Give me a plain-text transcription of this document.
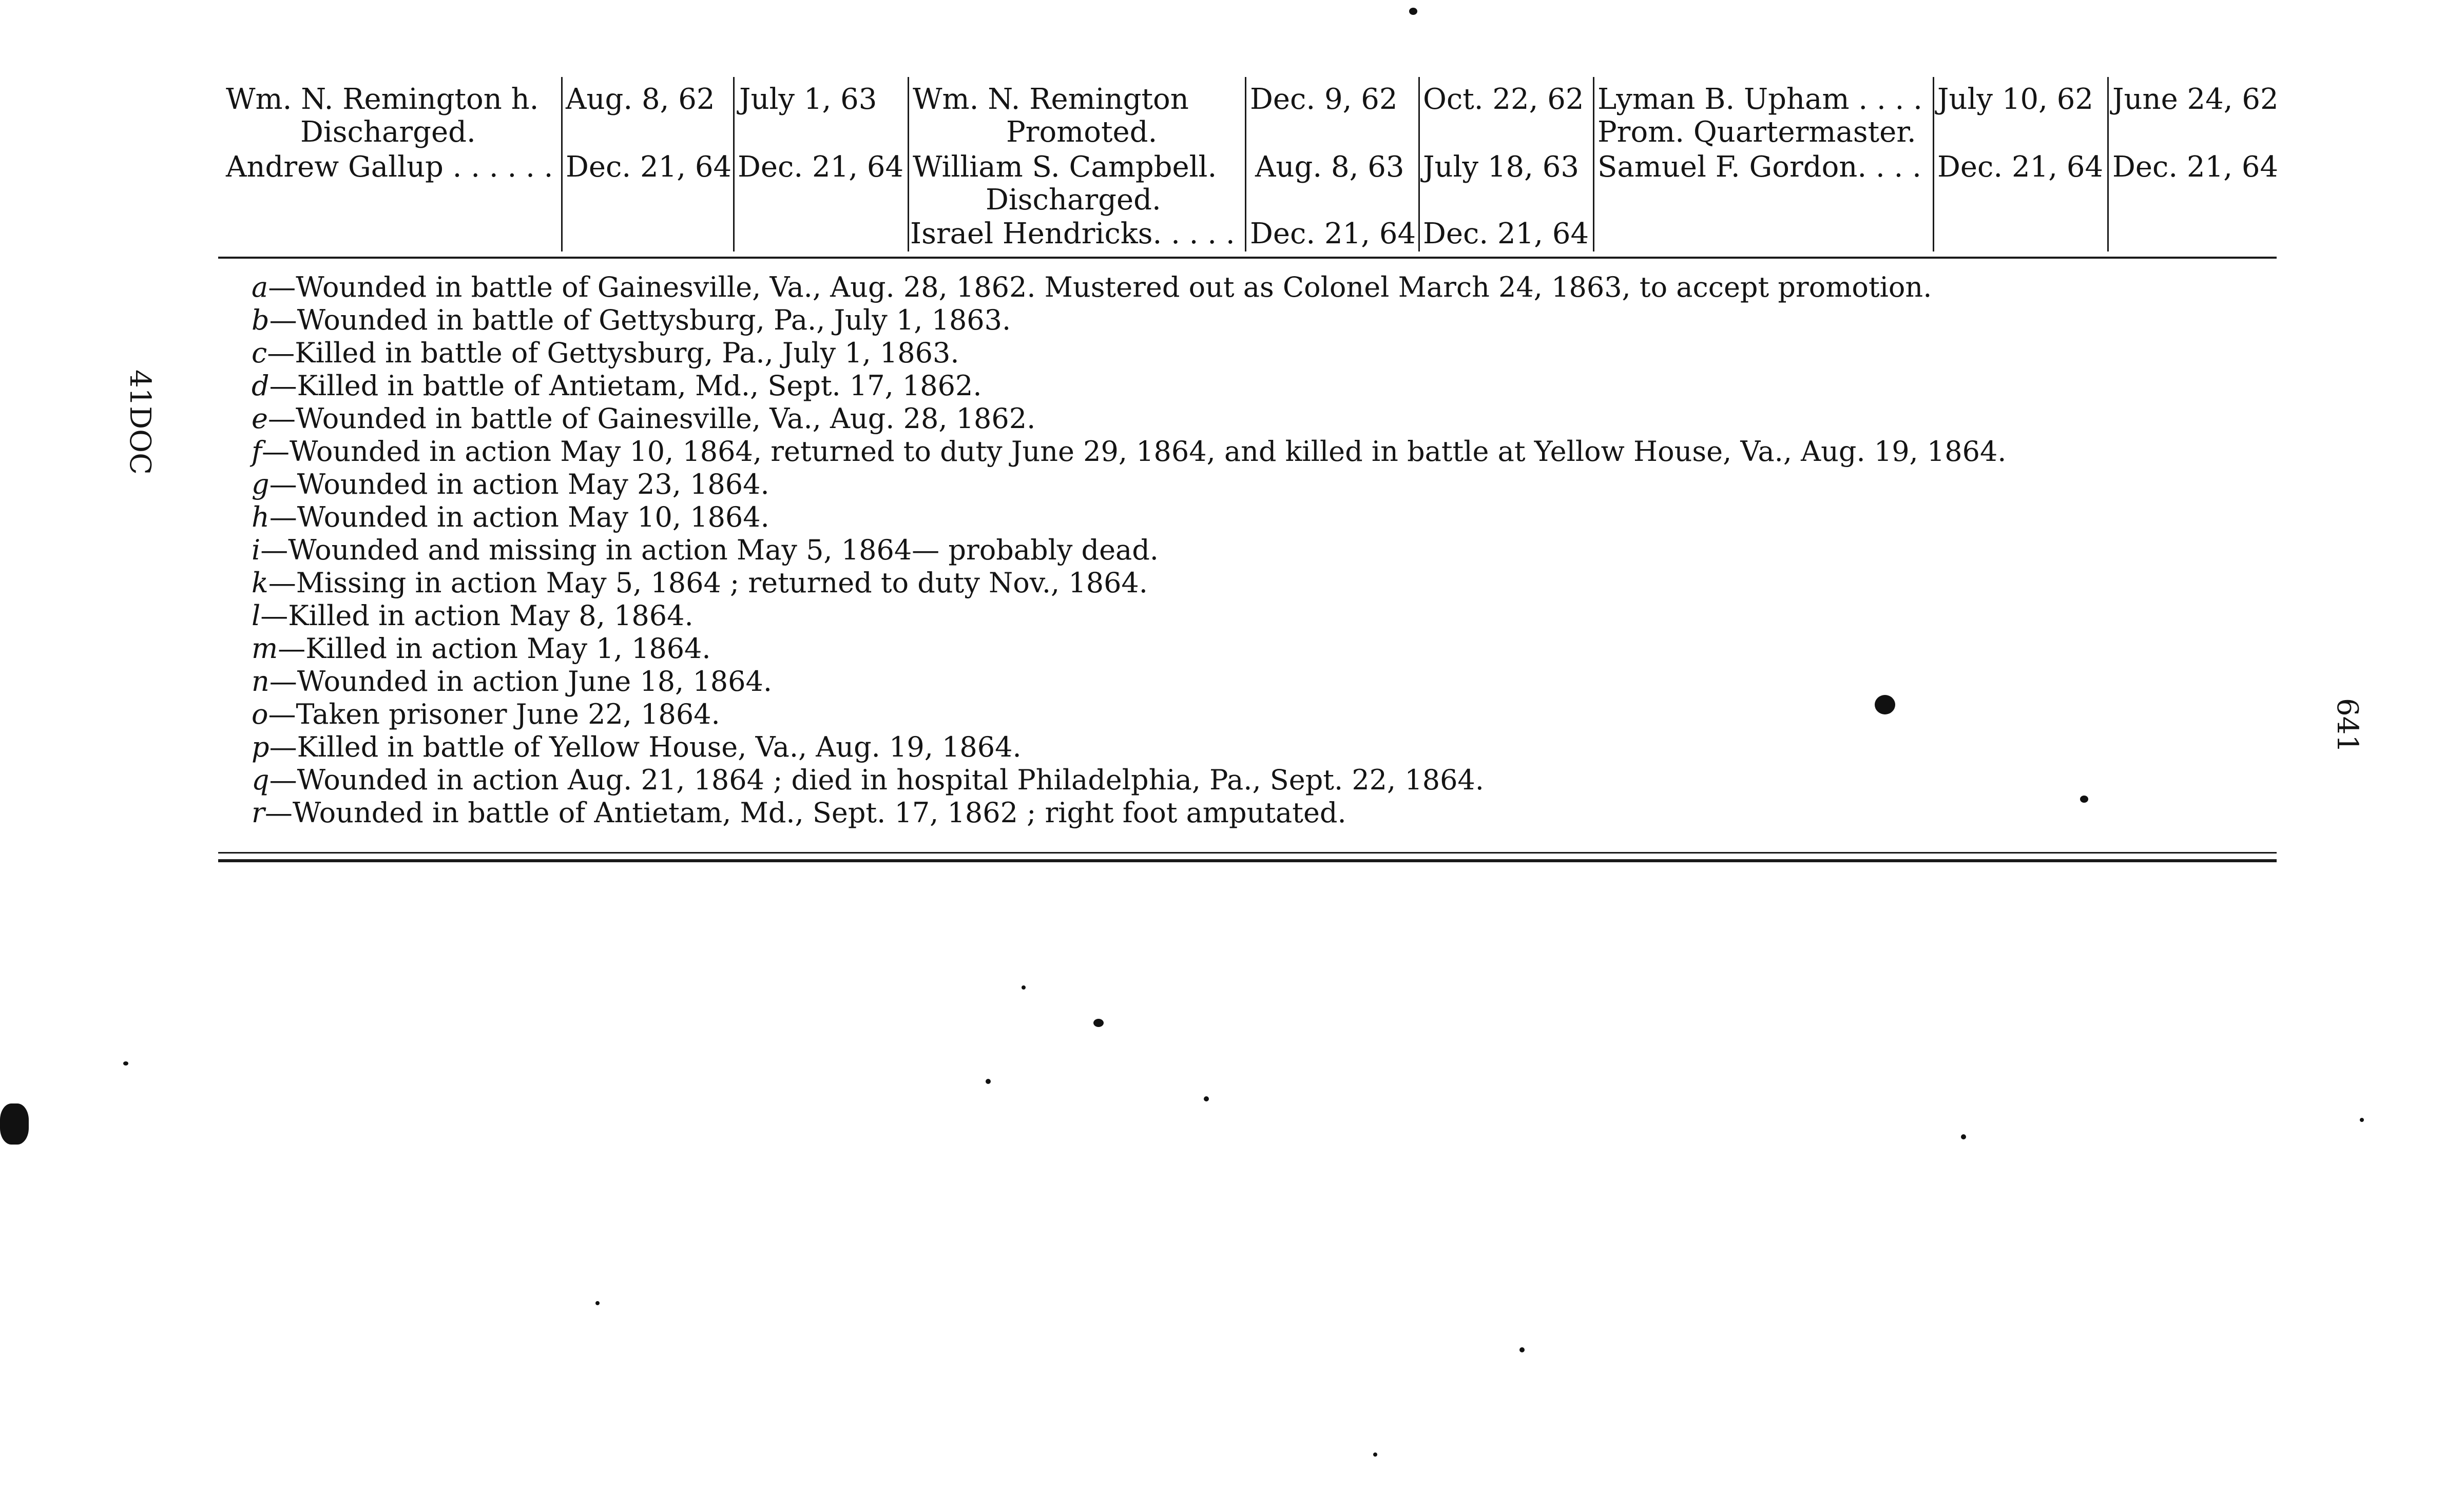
Wm. N. Remington h.
Discharged.
Andrew Gallup . . . . . .
Aug. 8, 62
Dec. 21, 64
July 1, 63
Dec. 21, 64
Wm. N. Remington
Promoted.
William S. Campbell.
Discharged.
Israel Hendricks. . . . .
Dec. 9, 62
Aug. 8, 63
Dec. 21, 64
Oct. 22, 62
July 18, 63
Dec. 21, 64
Lyman B. Upham . . . .
Prom. Quartermaster.
Samuel F. Gordon. . . .
July 10, 62
Dec. 21, 64
June 24, 62
Dec. 21, 64
a—Wounded in battle of Gainesville, Va., Aug. 28, 1862. Mustered out as Colonel March 24, 1863, to accept promotion.
b—Wounded in battle of Gettysburg, Pa., July 1, 1863.
c—Killed in battle of Gettysburg, Pa., July 1, 1863.
d—Killed in battle of Antietam, Md., Sept. 17, 1862.
e—Wounded in battle of Gainesville, Va., Aug. 28, 1862.
f—Wounded in action May 10, 1864, returned to duty June 29, 1864, and killed in battle at Yellow House, Va., Aug. 19, 1864.
g—Wounded in action May 23, 1864.
h—Wounded in action May 10, 1864.
i—Wounded and missing in action May 5, 1864— probably dead.
k—Missing in action May 5, 1864 ; returned to duty Nov., 1864.
l—Killed in action May 8, 1864.
m—Killed in action May 1, 1864.
n—Wounded in action June 18, 1864.
o—Taken prisoner June 22, 1864.
p—Killed in battle of Yellow House, Va., Aug. 19, 1864.
q—Wounded in action Aug. 21, 1864 ; died in hospital Philadelphia, Pa., Sept. 22, 1864.
r—Wounded in battle of Antietam, Md., Sept. 17, 1862 ; right foot amputated.
41DOC
641
